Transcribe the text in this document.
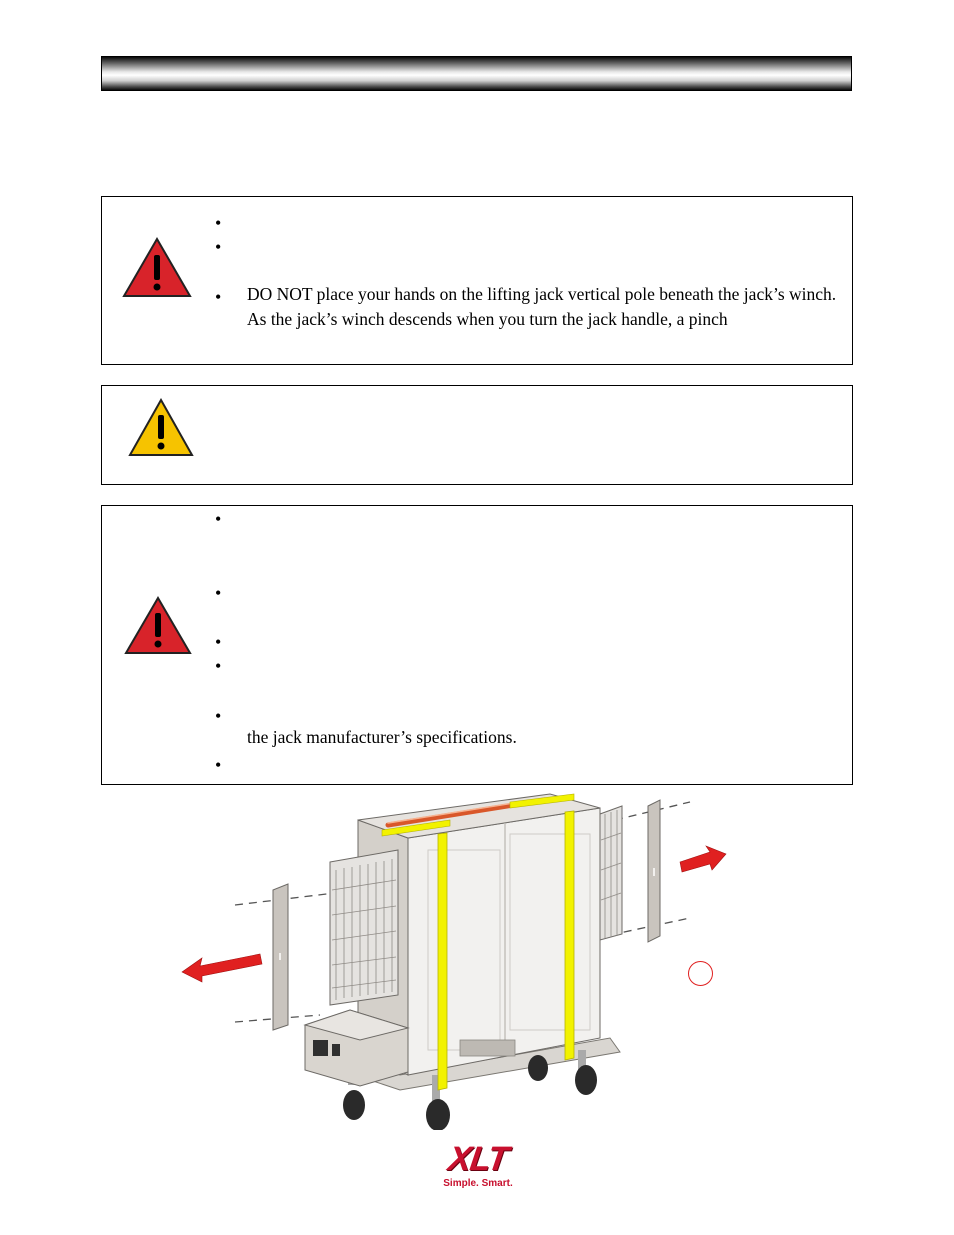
•
•
• DO NOT place your hands on the lifting jack vertical pole beneath the jack’s winch. As the jack’s winch descends when you turn the jack handle, a pinch
•
•
•
•
•
the jack manufacturer’s specifications.
•
XLT
Simple. Smart.
